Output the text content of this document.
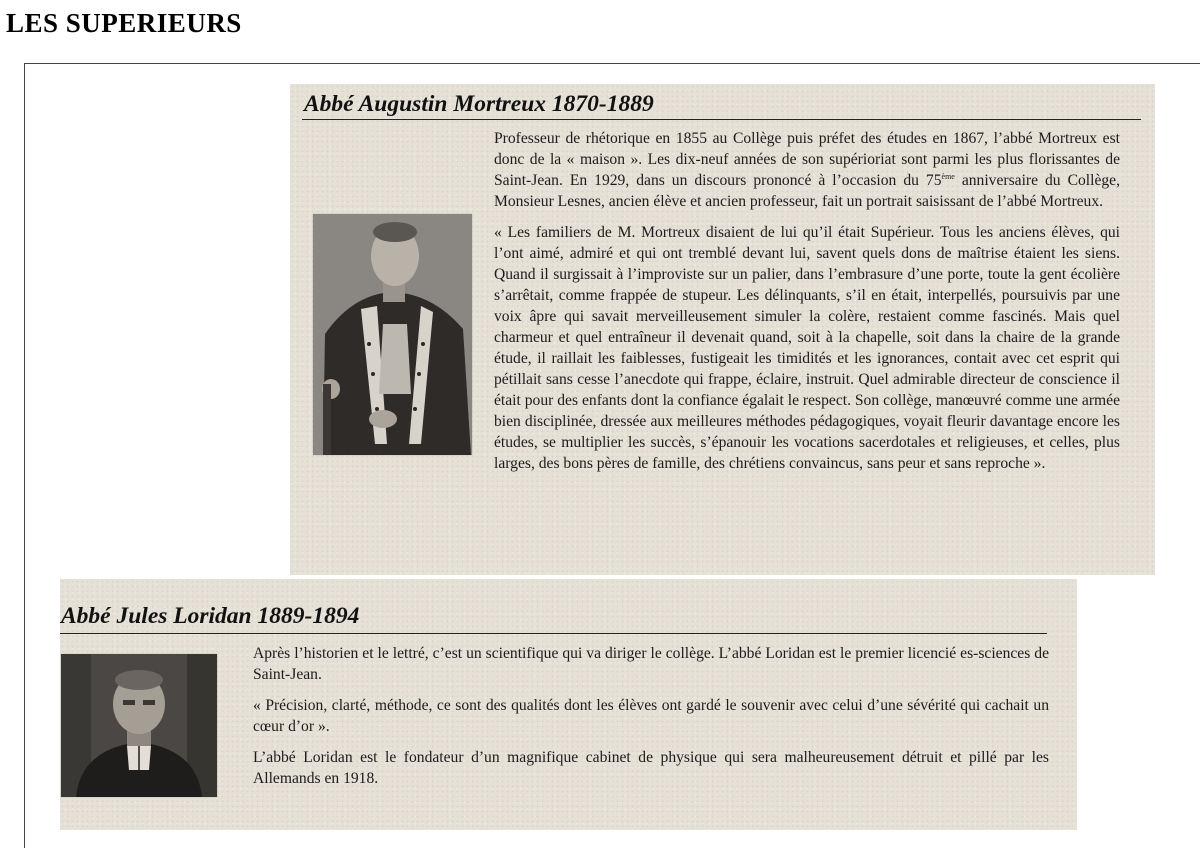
LES SUPERIEURS
Abbé Augustin Mortreux 1870-1889

Professeur de rhétorique en 1855 au Collège puis préfet des études en 1867, l’abbé Mortreux est donc de la « maison ». Les dix-neuf années de son supérioriat sont parmi les plus florissantes de Saint-Jean. En 1929, dans un discours prononcé à l’occasion du 75ème anniversaire du Collège, Monsieur Lesnes, ancien élève et ancien professeur, fait un portrait saisissant de l’abbé Mortreux.

« Les familiers de M. Mortreux disaient de lui qu’il était Supérieur. Tous les anciens élèves, qui l’ont aimé, admiré et qui ont tremblé devant lui, savent quels dons de maîtrise étaient les siens. Quand il surgissait à l’improviste sur un palier, dans l’embrasure d’une porte, toute la gent écolière s’arrêtait, comme frappée de stupeur. Les délinquants, s’il en était, interpellés, poursuivis par une voix âpre qui savait merveilleusement simuler la colère, restaient comme fascinés. Mais quel charmeur et quel entraîneur il devenait quand, soit à la chapelle, soit dans la chaire de la grande étude, il raillait les faiblesses, fustigeait les timidités et les ignorances, contait avec cet esprit qui pétillait sans cesse l’anecdote qui frappe, éclaire, instruit. Quel admirable directeur de conscience il était pour des enfants dont la confiance égalait le respect. Son collège, manœuvré comme une armée bien disciplinée, dressée aux meilleures méthodes pédagogiques, voyait fleurir davantage encore les études, se multiplier les succès, s’épanouir les vocations sacerdotales et religieuses, et celles, plus larges, des bons pères de famille, des chrétiens convaincus, sans peur et sans reproche ».

Abbé Jules Loridan 1889-1894

Après l’historien et le lettré, c’est un scientifique qui va diriger le collège. L’abbé Loridan est le premier licencié es-sciences de Saint-Jean.

« Précision, clarté, méthode, ce sont des qualités dont les élèves ont gardé le souvenir avec celui d’une sévérité qui cachait un cœur d’or ».

L’abbé Loridan est le fondateur d’un magnifique cabinet de physique qui sera malheureusement détruit et pillé par les Allemands en 1918.
